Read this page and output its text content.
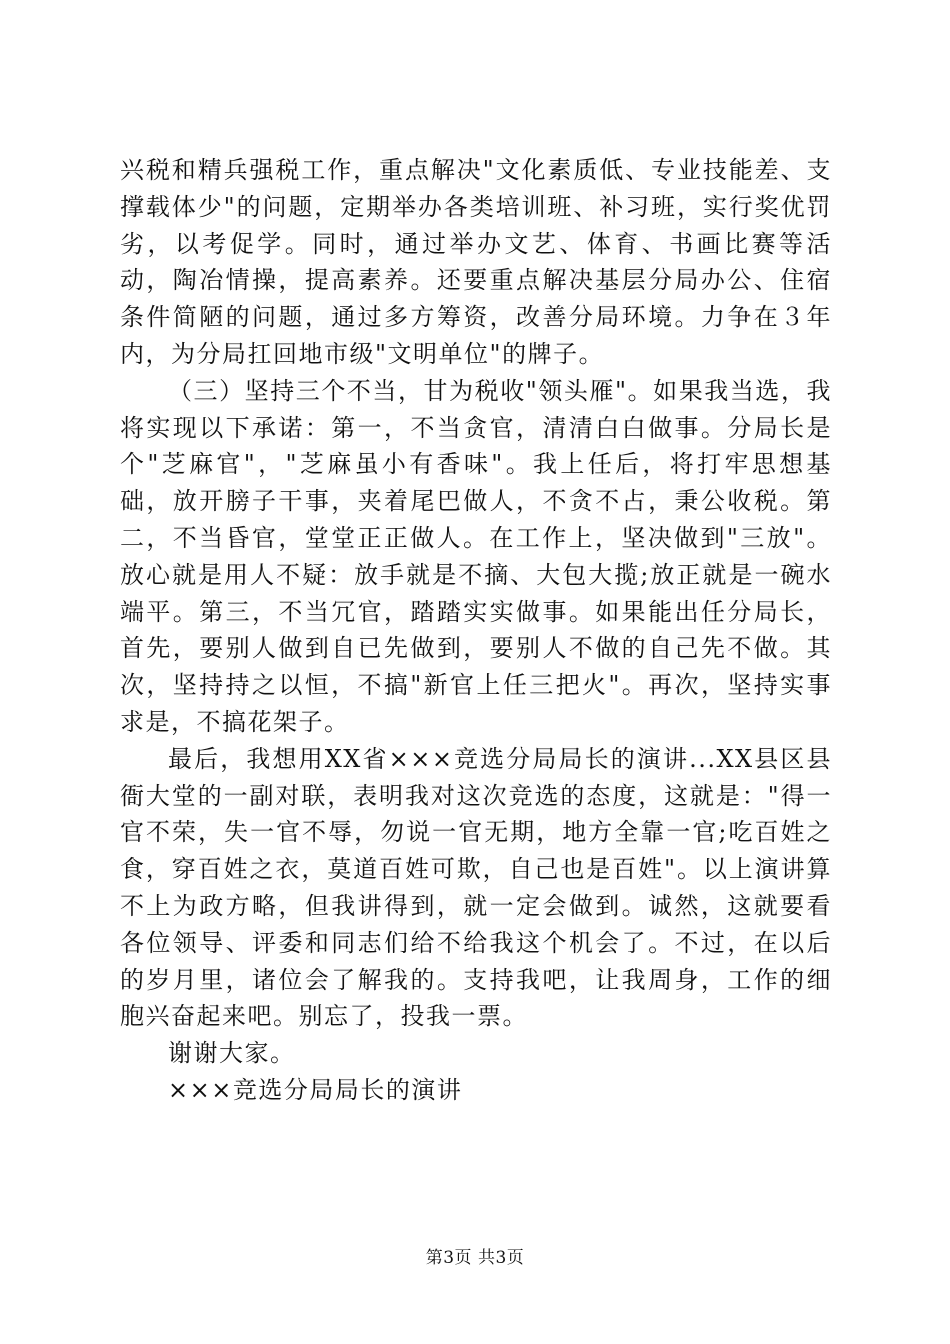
兴税和精兵强税工作，重点解决"文化素质低、专业技能差、支撑载体少"的问题，定期举办各类培训班、补习班，实行奖优罚劣，以考促学。同时，通过举办文艺、体育、书画比赛等活动，陶冶情操，提高素养。还要重点解决基层分局办公、住宿条件简陋的问题，通过多方筹资，改善分局环境。力争在３年内，为分局扛回地市级"文明单位"的牌子。

（三）坚持三个不当，甘为税收"领头雁"。如果我当选，我将实现以下承诺：第一，不当贪官，清清白白做事。分局长是个"芝麻官"，"芝麻虽小有香味"。我上任后，将打牢思想基础，放开膀子干事，夹着尾巴做人，不贪不占，秉公收税。第二，不当昏官，堂堂正正做人。在工作上，坚决做到"三放"。放心就是用人不疑：放手就是不摘、大包大揽;放正就是一碗水端平。第三，不当冗官，踏踏实实做事。如果能出任分局长，首先，要别人做到自已先做到，要别人不做的自己先不做。其次，坚持持之以恒，不搞"新官上任三把火"。再次，坚持实事求是，不搞花架子。

最后，我想用XX省×××竞选分局局长的演讲...XX县区县衙大堂的一副对联，表明我对这次竞选的态度，这就是："得一官不荣，失一官不辱，勿说一官无期，地方全靠一官;吃百姓之食，穿百姓之衣，莫道百姓可欺，自己也是百姓"。以上演讲算不上为政方略，但我讲得到，就一定会做到。诚然，这就要看各位领导、评委和同志们给不给我这个机会了。不过，在以后的岁月里，诸位会了解我的。支持我吧，让我周身，工作的细胞兴奋起来吧。别忘了，投我一票。

谢谢大家。

×××竞选分局局长的演讲

第3页 共3页
